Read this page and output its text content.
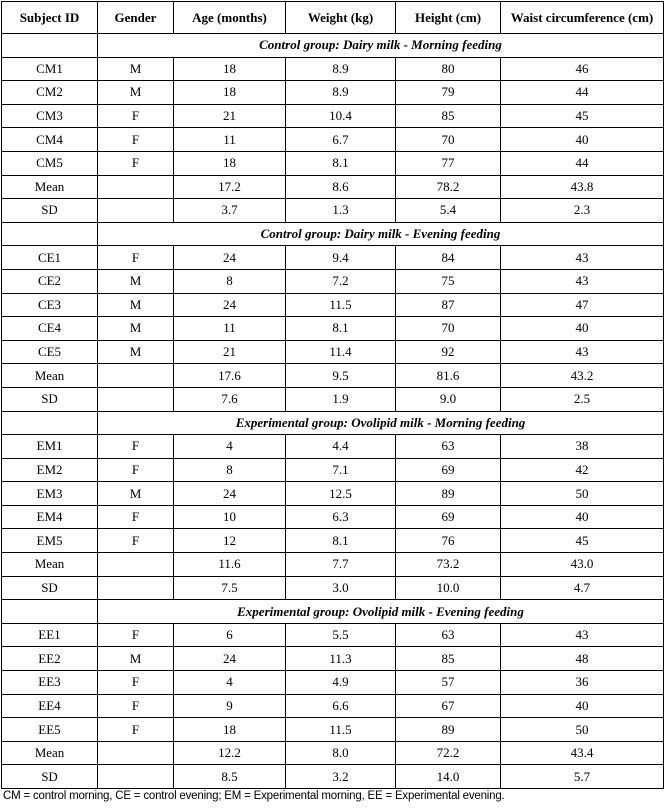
Subject ID	Gender	Age (months)	Weight (kg)	Height (cm)	Waist circumference (cm)
	Control group: Dairy milk - Morning feeding				
CM1	M	18	8.9	80	46
CM2	M	18	8.9	79	44
CM3	F	21	10.4	85	45
CM4	F	11	6.7	70	40
CM5	F	18	8.1	77	44
Mean		17.2	8.6	78.2	43.8
SD		3.7	1.3	5.4	2.3
	Control group: Dairy milk - Evening feeding				
CE1	F	24	9.4	84	43
CE2	M	8	7.2	75	43
CE3	M	24	11.5	87	47
CE4	M	11	8.1	70	40
CE5	M	21	11.4	92	43
Mean		17.6	9.5	81.6	43.2
SD		7.6	1.9	9.0	2.5
	Experimental group: Ovolipid milk - Morning feeding				
EM1	F	4	4.4	63	38
EM2	F	8	7.1	69	42
EM3	M	24	12.5	89	50
EM4	F	10	6.3	69	40
EM5	F	12	8.1	76	45
Mean		11.6	7.7	73.2	43.0
SD		7.5	3.0	10.0	4.7
	Experimental group: Ovolipid milk - Evening feeding				
EE1	F	6	5.5	63	43
EE2	M	24	11.3	85	48
EE3	F	4	4.9	57	36
EE4	F	9	6.6	67	40
EE5	F	18	11.5	89	50
Mean		12.2	8.0	72.2	43.4
SD		8.5	3.2	14.0	5.7
CM = control morning, CE = control evening; EM = Experimental morning, EE = Experimental evening.
